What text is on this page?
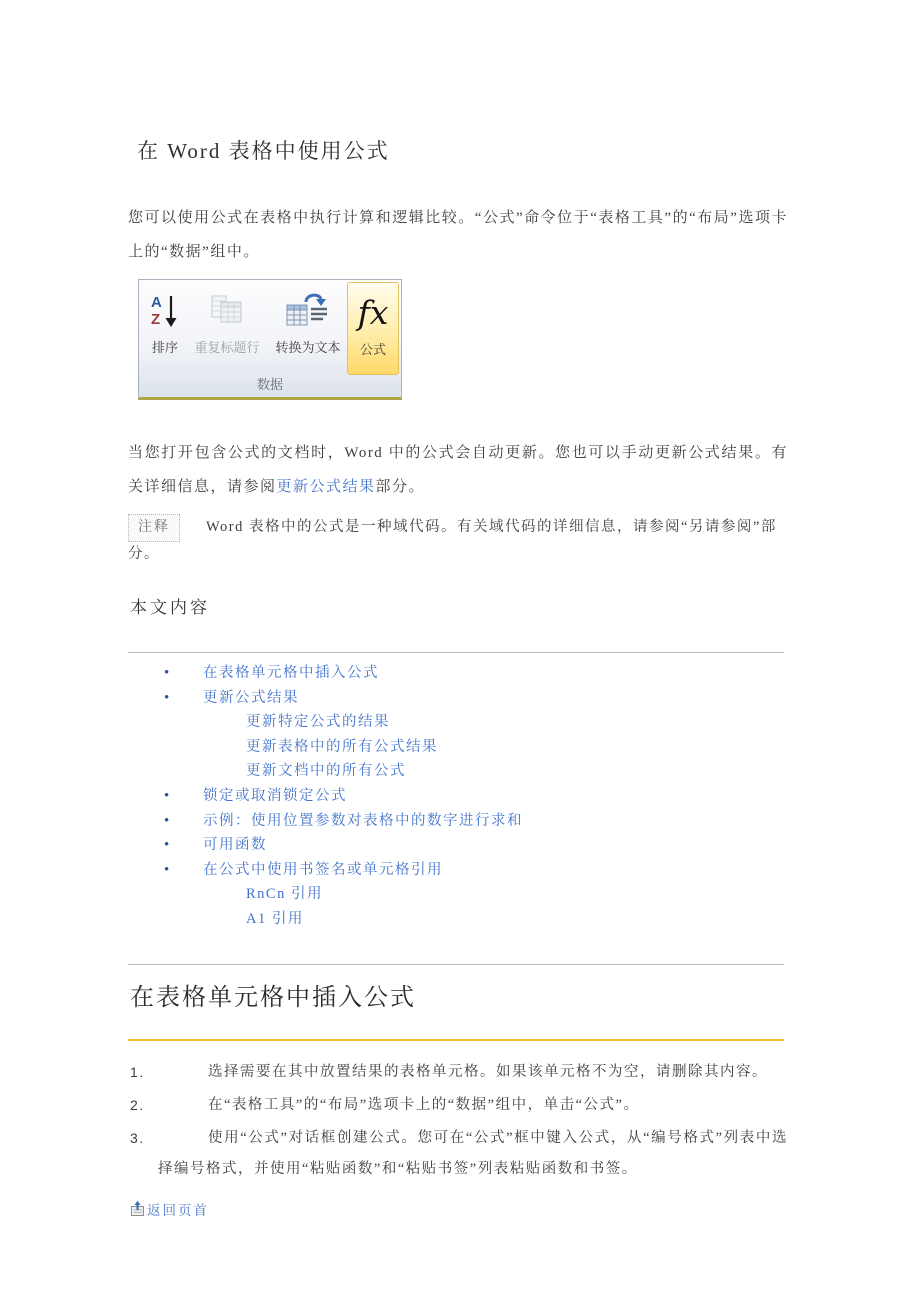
在 Word 表格中使用公式

您可以使用公式在表格中执行计算和逻辑比较。“公式”命令位于“表格工具”的“布局”选项卡上的“数据”组中。

A
Z
排序	重复标题行	转换为文本
fx
公式
数据

当您打开包含公式的文档时，Word 中的公式会自动更新。您也可以手动更新公式结果。有关详细信息，请参阅更新公式结果部分。

注释 Word 表格中的公式是一种域代码。有关域代码的详细信息，请参阅“另请参阅”部分。

本文内容
• 在表格单元格中插入公式
• 更新公式结果
更新特定公式的结果
更新表格中的所有公式结果
更新文档中的所有公式
• 锁定或取消锁定公式
• 示例：使用位置参数对表格中的数字进行求和
• 可用函数
• 在公式中使用书签名或单元格引用
RnCn 引用
A1 引用
在表格单元格中插入公式
1.	选择需要在其中放置结果的表格单元格。如果该单元格不为空，请删除其内容。
2.	在“表格工具”的“布局”选项卡上的“数据”组中，单击“公式”。
3.	使用“公式”对话框创建公式。您可在“公式”框中键入公式，从“编号格式”列表中选择编号格式，并使用“粘贴函数”和“粘贴书签”列表粘贴函数和书签。
返回页首
